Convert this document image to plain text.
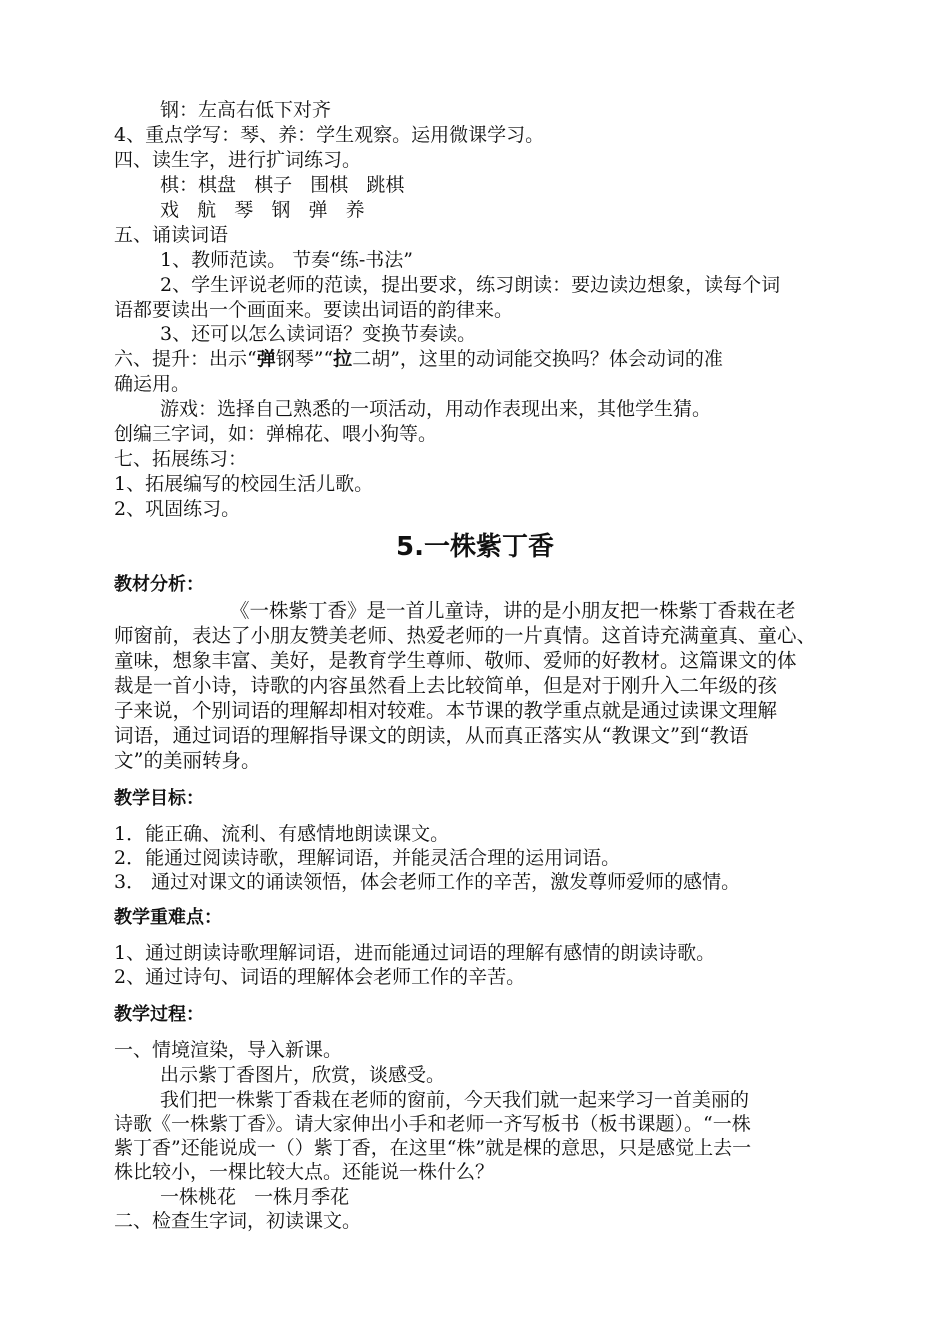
钢：左高右低下对齐
4、重点学写：琴、养：学生观察。运用微课学习。
四、读生字，进行扩词练习。
棋：棋盘   棋子   围棋   跳棋
戏   航   琴   钢   弹   养
五、诵读词语
1、教师范读。 节奏“练-书法”
2、学生评说老师的范读，提出要求，练习朗读：要边读边想象，读每个词
语都要读出一个画面来。要读出词语的韵律来。
3、还可以怎么读词语？变换节奏读。
六、提升：出示“弹钢琴”“拉二胡”，这里的动词能交换吗？体会动词的准
确运用。
游戏：选择自己熟悉的一项活动，用动作表现出来，其他学生猜。
创编三字词，如：弹棉花、喂小狗等。
七、拓展练习：
1、拓展编写的校园生活儿歌。
2、巩固练习。
5.一株紫丁香
教材分析：
《一株紫丁香》是一首儿童诗，讲的是小朋友把一株紫丁香栽在老
师窗前，表达了小朋友赞美老师、热爱老师的一片真情。这首诗充满童真、童心、
童味，想象丰富、美好，是教育学生尊师、敬师、爱师的好教材。这篇课文的体
裁是一首小诗，诗歌的内容虽然看上去比较简单，但是对于刚升入二年级的孩
子来说，个别词语的理解却相对较难。本节课的教学重点就是通过读课文理解
词语，通过词语的理解指导课文的朗读，从而真正落实从“教课文”到“教语
文”的美丽转身。
教学目标：
1．能正确、流利、有感情地朗读课文。
2．能通过阅读诗歌，理解词语，并能灵活合理的运用词语。
3． 通过对课文的诵读领悟，体会老师工作的辛苦，激发尊师爱师的感情。
教学重难点：
1、通过朗读诗歌理解词语，进而能通过词语的理解有感情的朗读诗歌。
2、通过诗句、词语的理解体会老师工作的辛苦。
教学过程：
一、情境渲染，导入新课。
出示紫丁香图片，欣赏，谈感受。
我们把一株紫丁香栽在老师的窗前，今天我们就一起来学习一首美丽的
诗歌《一株紫丁香》。请大家伸出小手和老师一齐写板书（板书课题）。“一株
紫丁香”还能说成一（）紫丁香，在这里“株”就是棵的意思，只是感觉上去一
株比较小，一棵比较大点。还能说一株什么？
一株桃花   一株月季花
二、检查生字词，初读课文。
